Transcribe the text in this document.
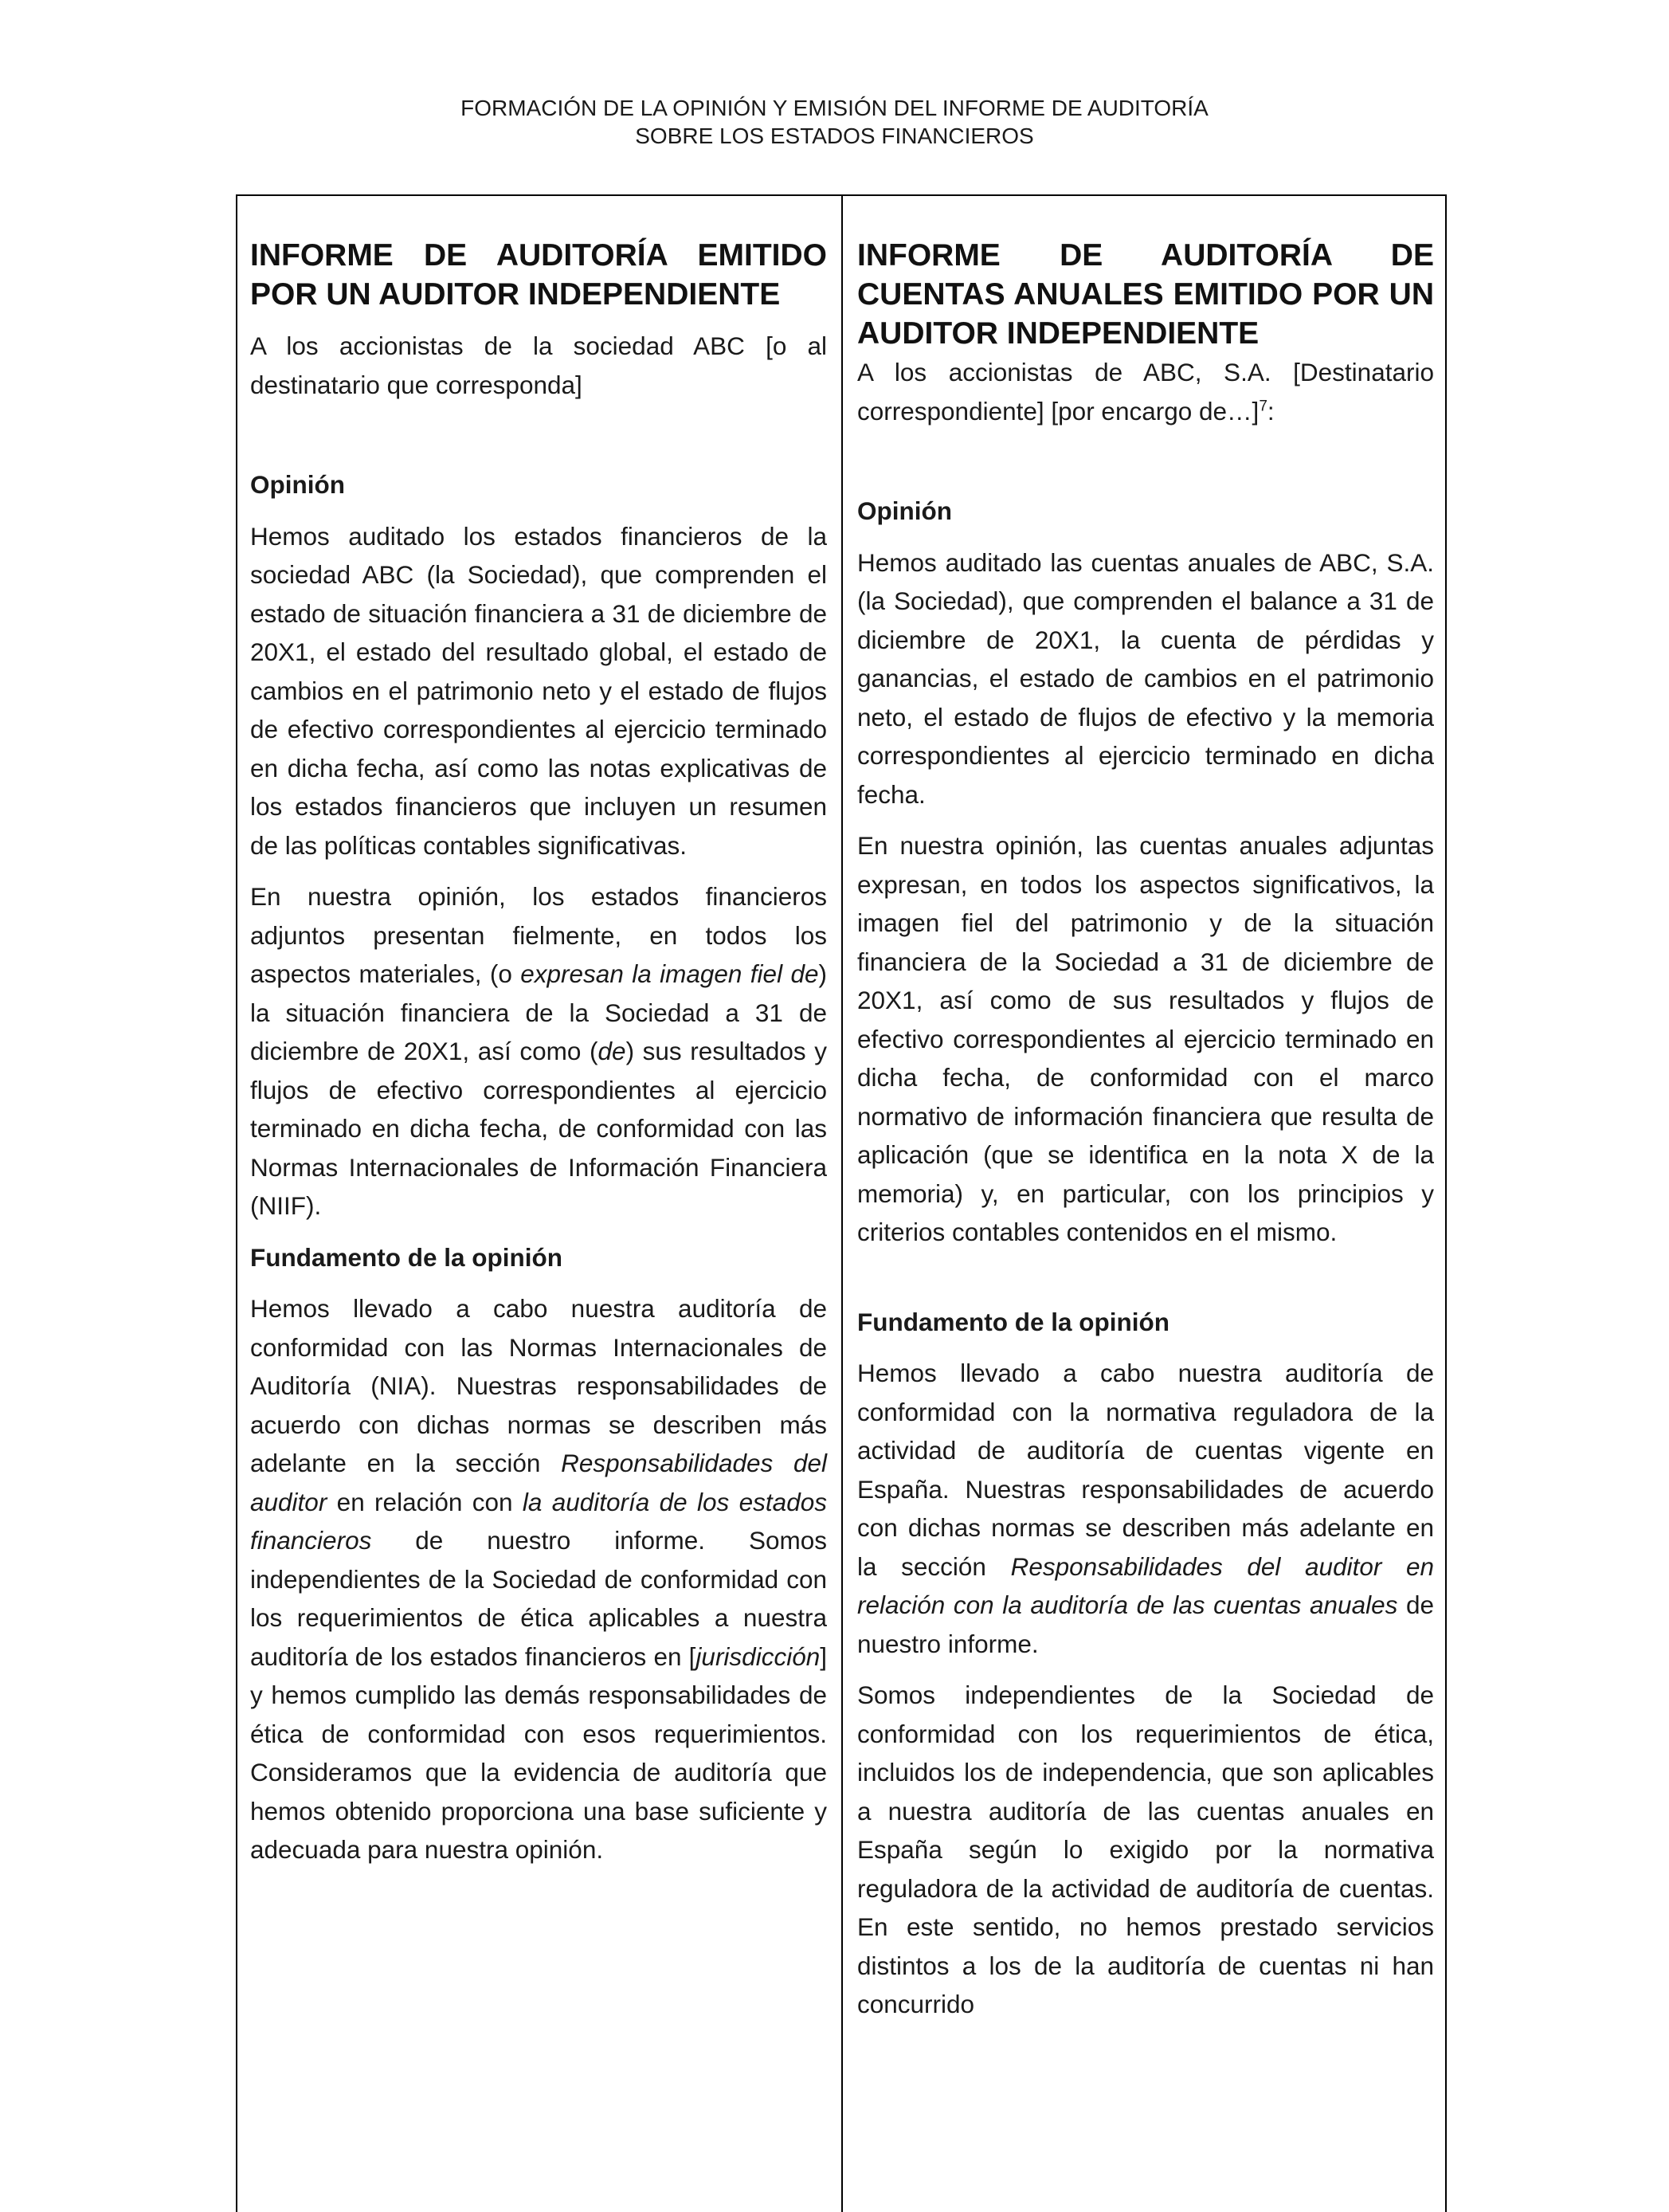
FORMACIÓN DE LA OPINIÓN Y EMISIÓN DEL INFORME DE AUDITORÍA
SOBRE LOS ESTADOS FINANCIEROS
INFORME DE AUDITORÍA EMITIDO POR UN AUDITOR INDEPENDIENTE

A los accionistas de la sociedad ABC [o al destinatario que corresponda]

Opinión

Hemos auditado los estados financieros de la sociedad ABC (la Sociedad), que comprenden el estado de situación financiera a 31 de diciembre de 20X1, el estado del resultado global, el estado de cambios en el patrimonio neto y el estado de flujos de efectivo correspondientes al ejercicio terminado en dicha fecha, así como las notas explicativas de los estados financieros que incluyen un resumen de las políticas contables significativas.

En nuestra opinión, los estados financieros adjuntos presentan fielmente, en todos los aspectos materiales, (o expresan la imagen fiel de) la situación financiera de la Sociedad a 31 de diciembre de 20X1, así como (de) sus resultados y flujos de efectivo correspondientes al ejercicio terminado en dicha fecha, de conformidad con las Normas Internacionales de Información Financiera (NIIF).

Fundamento de la opinión

Hemos llevado a cabo nuestra auditoría de conformidad con las Normas Internacionales de Auditoría (NIA). Nuestras responsabilidades de acuerdo con dichas normas se describen más adelante en la sección Responsabilidades del auditor en relación con la auditoría de los estados financieros de nuestro informe. Somos independientes de la Sociedad de conformidad con los requerimientos de ética aplicables a nuestra auditoría de los estados financieros en [jurisdicción] y hemos cumplido las demás responsabilidades de ética de conformidad con esos requerimientos. Consideramos que la evidencia de auditoría que hemos obtenido proporciona una base suficiente y adecuada para nuestra opinión.

INFORME DE AUDITORÍA DE CUENTAS ANUALES EMITIDO POR UN AUDITOR INDEPENDIENTE

A los accionistas de ABC, S.A. [Destinatario correspondiente] [por encargo de…]$^7$:

Opinión

Hemos auditado las cuentas anuales de ABC, S.A. (la Sociedad), que comprenden el balance a 31 de diciembre de 20X1, la cuenta de pérdidas y ganancias, el estado de cambios en el patrimonio neto, el estado de flujos de efectivo y la memoria correspondientes al ejercicio terminado en dicha fecha.

En nuestra opinión, las cuentas anuales adjuntas expresan, en todos los aspectos significativos, la imagen fiel del patrimonio y de la situación financiera de la Sociedad a 31 de diciembre de 20X1, así como de sus resultados y flujos de efectivo correspondientes al ejercicio terminado en dicha fecha, de conformidad con el marco normativo de información financiera que resulta de aplicación (que se identifica en la nota X de la memoria) y, en particular, con los principios y criterios contables contenidos en el mismo.

Fundamento de la opinión

Hemos llevado a cabo nuestra auditoría de conformidad con la normativa reguladora de la actividad de auditoría de cuentas vigente en España. Nuestras responsabilidades de acuerdo con dichas normas se describen más adelante en la sección Responsabilidades del auditor en relación con la auditoría de las cuentas anuales de nuestro informe.

Somos independientes de la Sociedad de conformidad con los requerimientos de ética, incluidos los de independencia, que son aplicables a nuestra auditoría de las cuentas anuales en España según lo exigido por la normativa reguladora de la actividad de auditoría de cuentas. En este sentido, no hemos prestado servicios distintos a los de la auditoría de cuentas ni han concurrido
